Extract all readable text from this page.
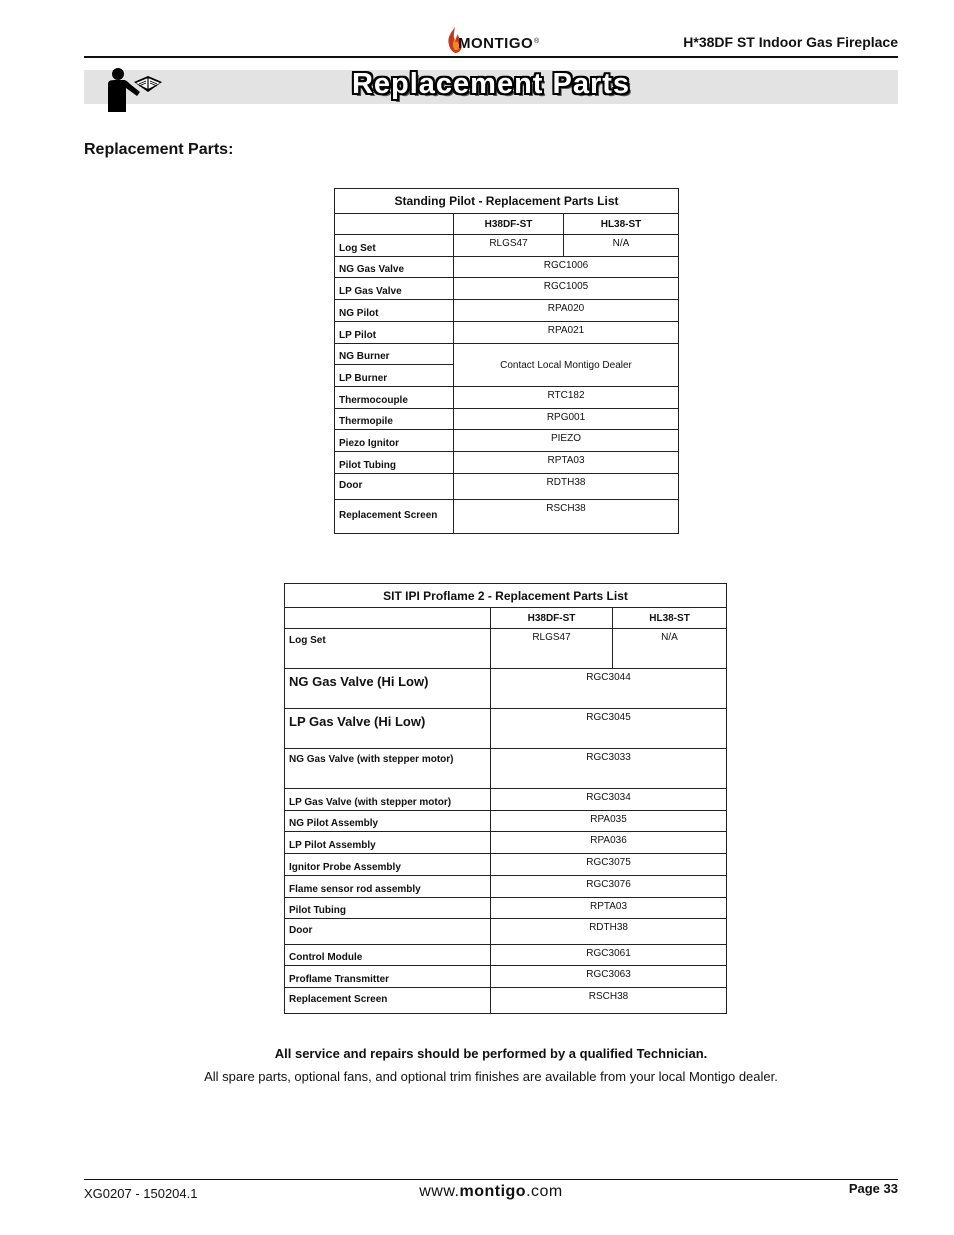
MONTIGO ®	H*38DF ST Indoor Gas Fireplace
Replacement Parts
Replacement Parts:
Standing Pilot - Replacement Parts List		
	H38DF-ST	HL38-ST
Log Set	RLGS47	N/A
NG Gas Valve	RGC1006	
LP Gas Valve	RGC1005	
NG Pilot	RPA020	
LP Pilot	RPA021	
NG Burner	Contact Local Montigo Dealer	
LP Burner		
Thermocouple	RTC182	
Thermopile	RPG001	
Piezo Ignitor	PIEZO	
Pilot Tubing	RPTA03	
Door	RDTH38	
Replacement Screen	RSCH38	
SIT IPI Proflame 2 - Replacement Parts List		
	H38DF-ST	HL38-ST
Log Set	RLGS47	N/A
NG Gas Valve (Hi Low)	RGC3044	
LP Gas Valve (Hi Low)	RGC3045	
NG Gas Valve (with stepper motor)	RGC3033	
LP Gas Valve (with stepper motor)	RGC3034	
NG Pilot Assembly	RPA035	
LP Pilot Assembly	RPA036	
Ignitor Probe Assembly	RGC3075	
Flame sensor rod assembly	RGC3076	
Pilot Tubing	RPTA03	
Door	RDTH38	
Control Module	RGC3061	
Proflame Transmitter	RGC3063	
Replacement Screen	RSCH38	
All service and repairs should be performed by a qualified Technician.
All spare parts, optional fans, and optional trim finishes are available from your local Montigo dealer.
XG0207 - 150204.1	www.montigo.com	Page 33
